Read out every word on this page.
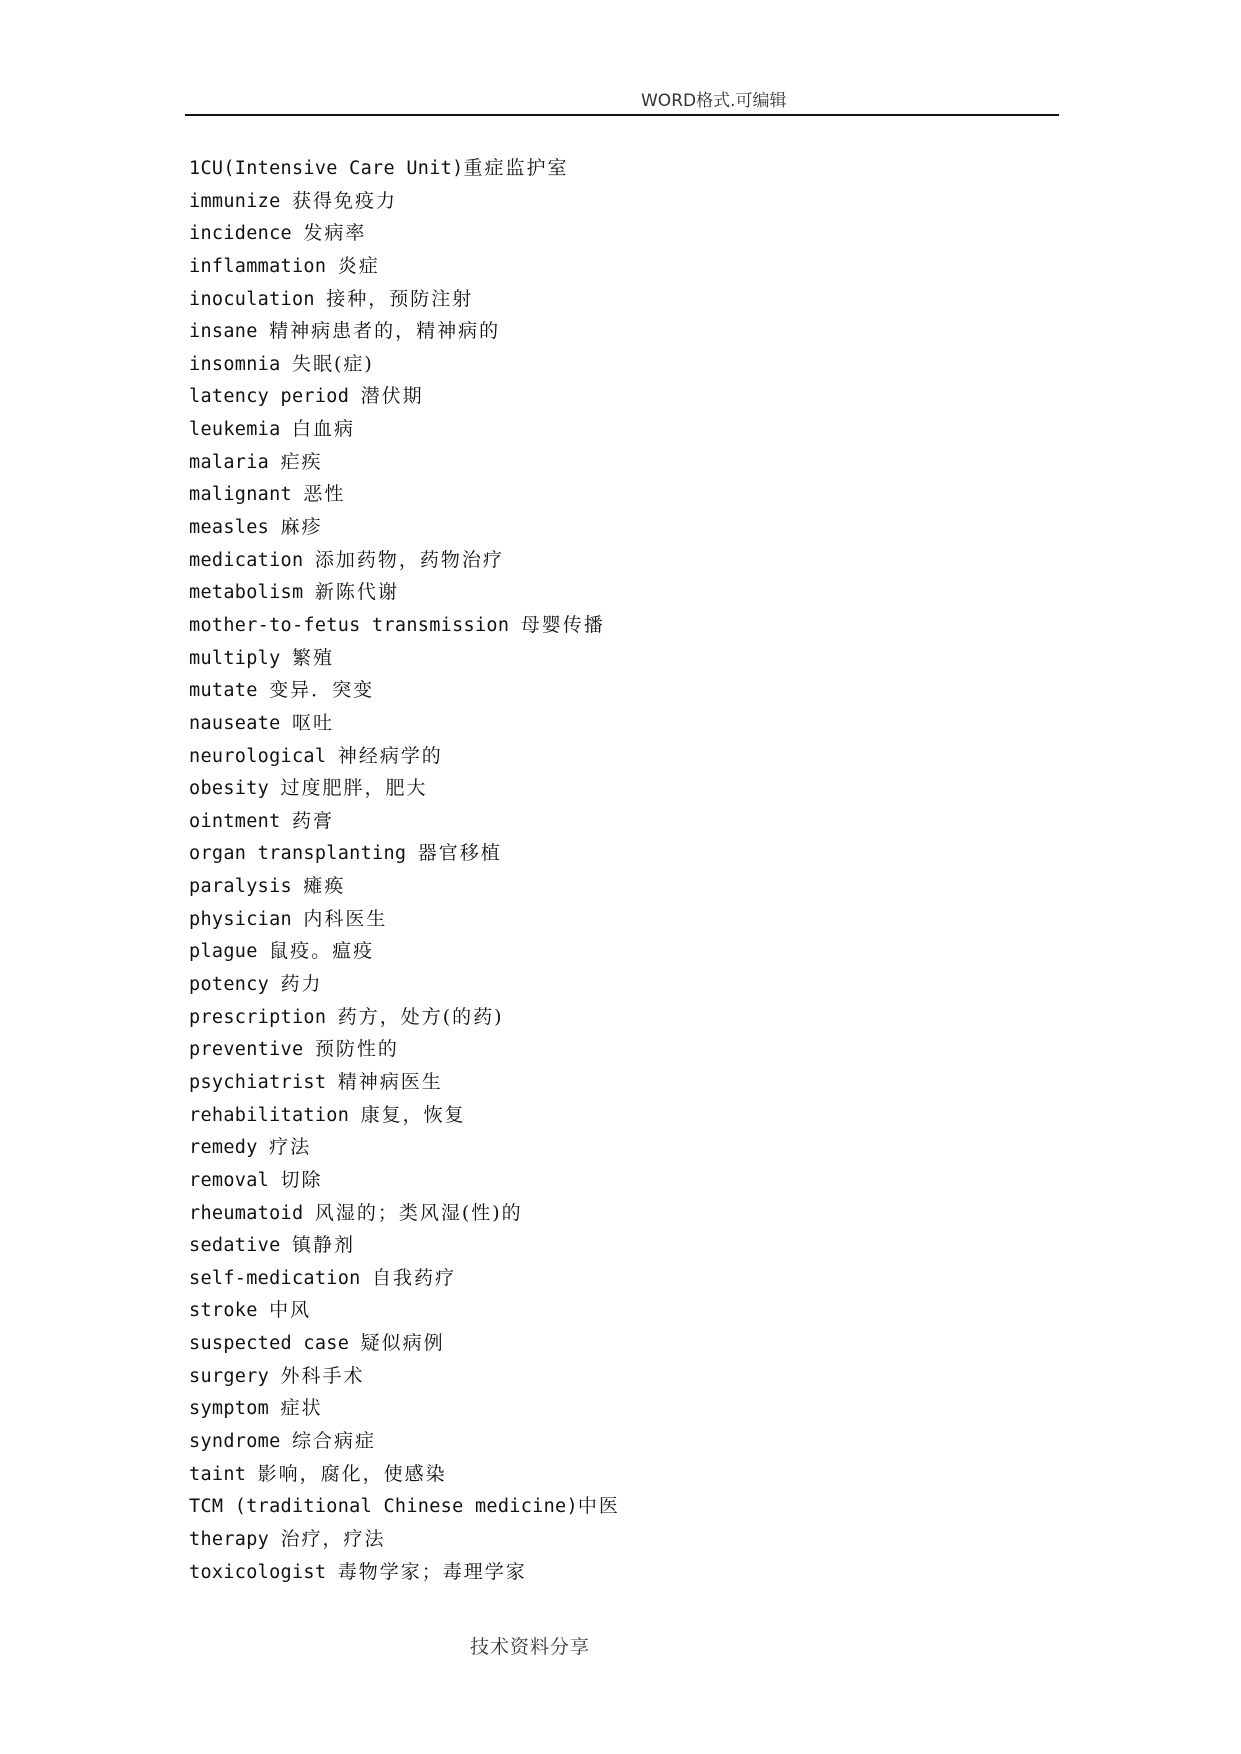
WORD格式.可编辑
1CU(Intensive Care Unit)重症监护室
immunize 获得免疫力
incidence 发病率
inflammation 炎症
inoculation 接种，预防注射
insane 精神病患者的，精神病的
insomnia 失眠(症)
latency period 潜伏期
leukemia 白血病
malaria 疟疾
malignant 恶性
measles 麻疹
medication 添加药物，药物治疗
metabolism 新陈代谢
mother-to-fetus transmission 母婴传播
multiply 繁殖
mutate 变异．突变
nauseate 呕吐
neurological 神经病学的
obesity 过度肥胖，肥大
ointment 药膏
organ transplanting 器官移植
paralysis 瘫痪
physician 内科医生
plague 鼠疫。瘟疫
potency 药力
prescription 药方，处方(的药)
preventive 预防性的
psychiatrist 精神病医生
rehabilitation 康复，恢复
remedy 疗法
removal 切除
rheumatoid 风湿的；类风湿(性)的
sedative 镇静剂
self-medication 自我药疗
stroke 中风
suspected case 疑似病例
surgery 外科手术
symptom 症状
syndrome 综合病症
taint 影响，腐化，使感染
TCM (traditional Chinese medicine)中医
therapy 治疗，疗法
toxicologist 毒物学家；毒理学家
技术资料分享
